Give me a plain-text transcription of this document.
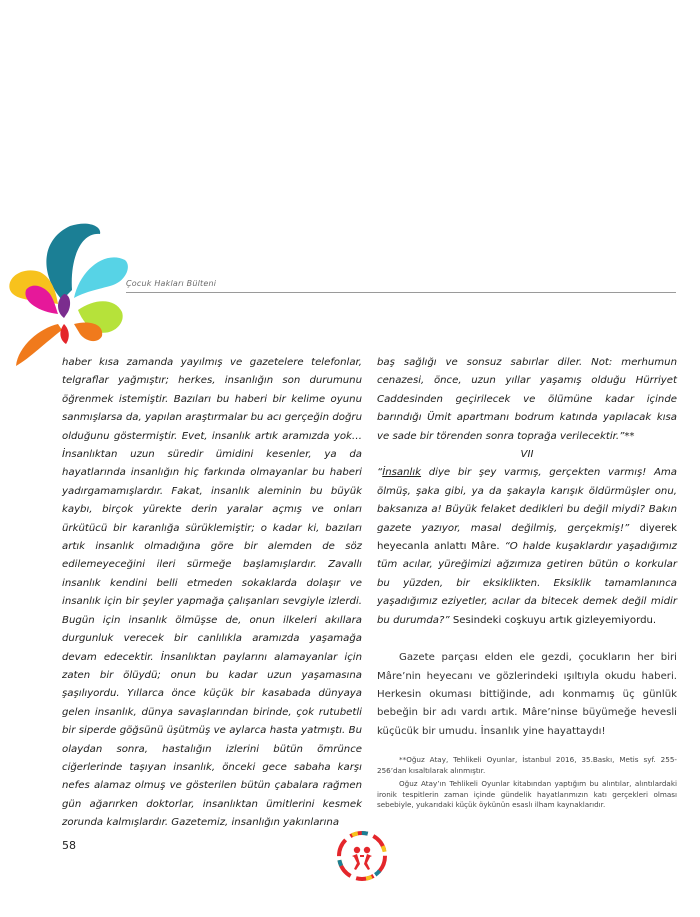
Çocuk Hakları Bülteni

haber kısa zamanda yayılmış ve gazetelere telefonlar, telgraflar yağmıştır; herkes, insanlığın son durumunu öğrenmek istemiştir. Bazıları bu haberi bir kelime oyunu sanmışlarsa da, yapılan araştırmalar bu acı gerçeğin doğru olduğunu göstermiştir. Evet, insanlık artık aramızda yok… İnsanlıktan uzun süredir ümidini kesenler, ya da hayatlarında insanlığın hiç farkında olmayanlar bu haberi yadırgamamışlardır. Fakat, insanlık aleminin bu büyük kaybı, birçok yürekte derin yaralar açmış ve onları ürkütücü bir karanlığa sürüklemiştir; o kadar ki, bazıları artık insanlık olmadığına göre bir alemden de söz edilemeyeceğini ileri sürmeğe başlamışlardır. Zavallı insanlık kendini belli etmeden sokaklarda dolaşır ve insanlık için bir şeyler yapmağa çalışanları sevgiyle izlerdi. Bugün için insanlık ölmüşse de, onun ilkeleri akıllara durgunluk verecek bir canlılıkla aramızda yaşamağa devam edecektir. İnsanlıktan paylarını alamayanlar için zaten bir ölüydü; onun bu kadar uzun yaşamasına şaşılıyordu. Yıllarca önce küçük bir kasabada dünyaya gelen insanlık, dünya savaşlarından birinde, çok rutubetli bir siperde göğsünü üşütmüş ve aylarca hasta yatmıştı. Bu olaydan sonra, hastalığın izlerini bütün ömrünce ciğerlerinde taşıyan insanlık, önceki gece sabaha karşı nefes alamaz olmuş ve gösterilen bütün çabalara rağmen gün ağarırken doktorlar, insanlıktan ümitlerini kesmek zorunda kalmışlardır. Gazetemiz, insanlığın yakınlarına

baş sağlığı ve sonsuz sabırlar diler. Not: merhumun cenazesi, önce, uzun yıllar yaşamış olduğu Hürriyet Caddesinden geçirilecek ve ölümüne kadar içinde barındığı Ümit apartmanı bodrum katında yapılacak kısa ve sade bir törenden sonra toprağa verilecektir.”**

VII

“İnsanlık diye bir şey varmış, gerçekten varmış! Ama ölmüş, şaka gibi, ya da şakayla karışık öldürmüşler onu, baksanıza a! Büyük felaket dedikleri bu değil miydi? Bakın gazete yazıyor, masal değilmiş, gerçekmiş!” diyerek heyecanla anlattı Mâre. “O halde kuşaklardır yaşadığımız tüm acılar, yüreğimizi ağzımıza getiren bütün o korkular bu yüzden, bir eksiklikten. Eksiklik tamamlanınca yaşadığımız eziyetler, acılar da bitecek demek değil midir bu durumda?” Sesindeki coşkuyu artık gizleyemiyordu.

Gazete parçası elden ele gezdi, çocukların her biri Mâre’nin heyecanı ve gözlerindeki ışıltıyla okudu haberi. Herkesin okuması bittiğinde, adı konmamış üç günlük bebeğin bir adı vardı artık. Mâre’ninse büyümeğe hevesli küçücük bir umudu. İnsanlık yine hayattaydı!

**Oğuz Atay, Tehlikeli Oyunlar, İstanbul 2016, 35.Baskı, Metis syf. 255-256’dan kısaltılarak alınmıştır.

Oğuz Atay’ın Tehlikeli Oyunlar kitabından yaptığım bu alıntılar, alıntılardaki ironik tespitlerin zaman içinde gündelik hayatlarımızın katı gerçekleri olması sebebiyle, yukarıdaki küçük öykünün esaslı ilham kaynaklarıdır.

58
